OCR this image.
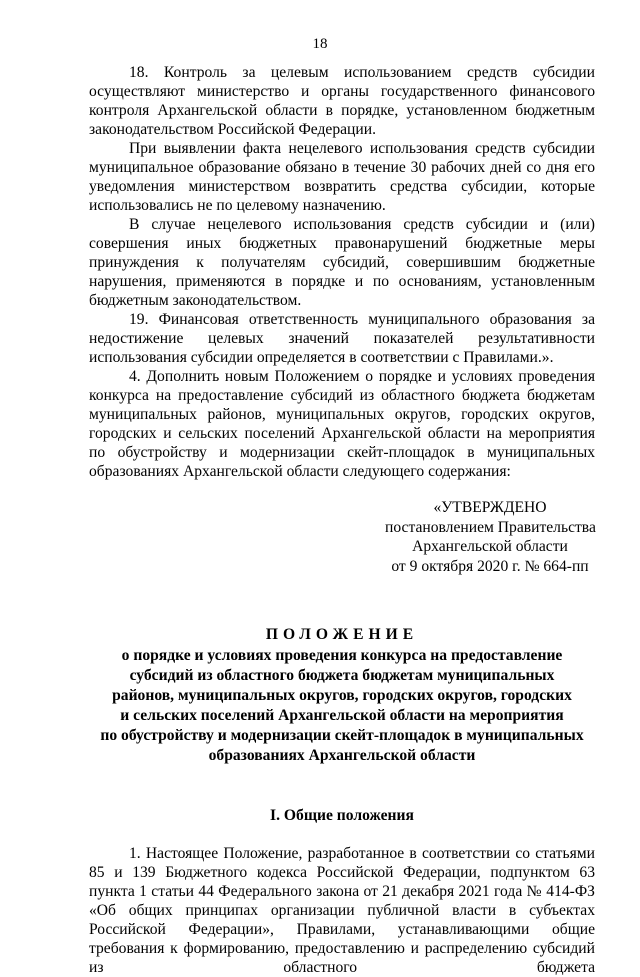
18

18. Контроль за целевым использованием средств субсидии осуществляют министерство и органы государственного финансового контроля Архангельской области в порядке, установленном бюджетным законодательством Российской Федерации.

При выявлении факта нецелевого использования средств субсидии муниципальное образование обязано в течение 30 рабочих дней со дня его уведомления министерством возвратить средства субсидии, которые использовались не по целевому назначению.

В случае нецелевого использования средств субсидии и (или) совершения иных бюджетных правонарушений бюджетные меры принуждения к получателям субсидий, совершившим бюджетные нарушения, применяются в порядке и по основаниям, установленным бюджетным законодательством.

19. Финансовая ответственность муниципального образования за недостижение целевых значений показателей результативности использования субсидии определяется в соответствии с Правилами.».

4. Дополнить новым Положением о порядке и условиях проведения конкурса на предоставление субсидий из областного бюджета бюджетам муниципальных районов, муниципальных округов, городских округов, городских и сельских поселений Архангельской области на мероприятия по обустройству и модернизации скейт-площадок в муниципальных образованиях Архангельской области следующего содержания:

«УТВЕРЖДЕНО
постановлением Правительства
Архангельской области
от 9 октября 2020 г. № 664-пп
ПОЛОЖЕНИЕ
о порядке и условиях проведения конкурса на предоставление
субсидий из областного бюджета бюджетам муниципальных
районов, муниципальных округов, городских округов, городских
и сельских поселений Архангельской области на мероприятия
по обустройству и модернизации скейт-площадок в муниципальных
образованиях Архангельской области
I. Общие положения

1. Настоящее Положение, разработанное в соответствии со статьями 85 и 139 Бюджетного кодекса Российской Федерации, подпунктом 63 пункта 1 статьи 44 Федерального закона от 21 декабря 2021 года № 414-ФЗ «Об общих принципах организации публичной власти в субъектах Российской Федерации», Правилами, устанавливающими общие требования к формированию, предоставлению и распределению субсидий из областного бюджета
